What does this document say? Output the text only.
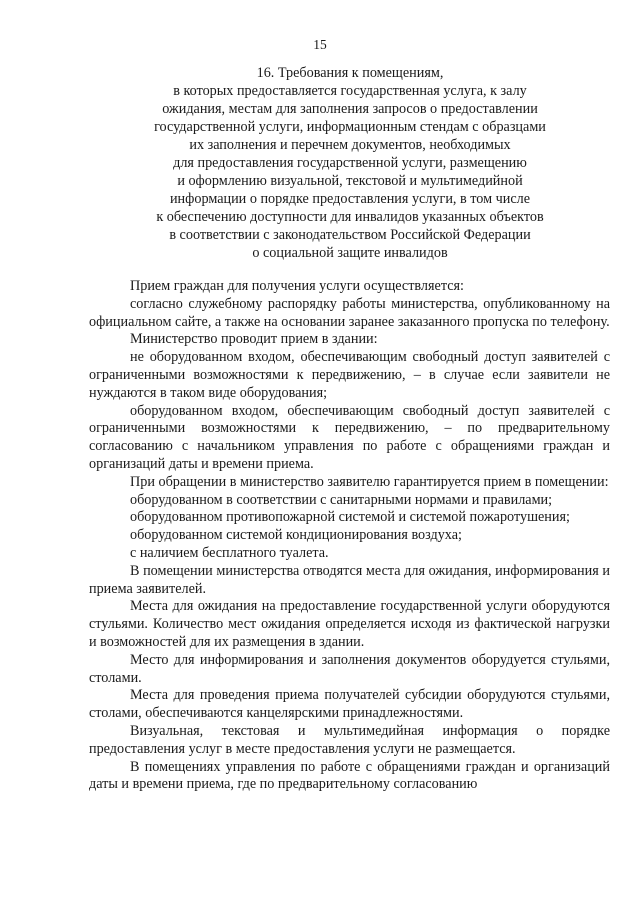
15
16. Требования к помещениям,
в которых предоставляется государственная услуга, к залу
ожидания, местам для заполнения запросов о предоставлении
государственной услуги, информационным стендам с образцами
их заполнения и перечнем документов, необходимых
для предоставления государственной услуги, размещению
и оформлению визуальной, текстовой и мультимедийной
информации о порядке предоставления услуги, в том числе
к обеспечению доступности для инвалидов указанных объектов
в соответствии с законодательством Российской Федерации
о социальной защите инвалидов

Прием граждан для получения услуги осуществляется:

согласно служебному распорядку работы министерства, опубликованному на официальном сайте, а также на основании заранее заказанного пропуска по телефону.

Министерство проводит прием в здании:

не оборудованном входом, обеспечивающим свободный доступ заявителей с ограниченными возможностями к передвижению, – в случае если заявители не нуждаются в таком виде оборудования;

оборудованном входом, обеспечивающим свободный доступ заявителей с ограниченными возможностями к передвижению, – по предварительному согласованию с начальником управления по работе с обращениями граждан и организаций даты и времени приема.

При обращении в министерство заявителю гарантируется прием в помещении:

оборудованном в соответствии с санитарными нормами и правилами;

оборудованном противопожарной системой и системой пожаротушения;

оборудованном системой кондиционирования воздуха;

с наличием бесплатного туалета.

В помещении министерства отводятся места для ожидания, информирования и приема заявителей.

Места для ожидания на предоставление государственной услуги оборудуются стульями. Количество мест ожидания определяется исходя из фактической нагрузки и возможностей для их размещения в здании.

Место для информирования и заполнения документов оборудуется стульями, столами.

Места для проведения приема получателей субсидии оборудуются стульями, столами, обеспечиваются канцелярскими принадлежностями.

Визуальная, текстовая и мультимедийная информация о порядке предоставления услуг в месте предоставления услуги не размещается.

В помещениях управления по работе с обращениями граждан и организаций даты и времени приема, где по предварительному согласованию
